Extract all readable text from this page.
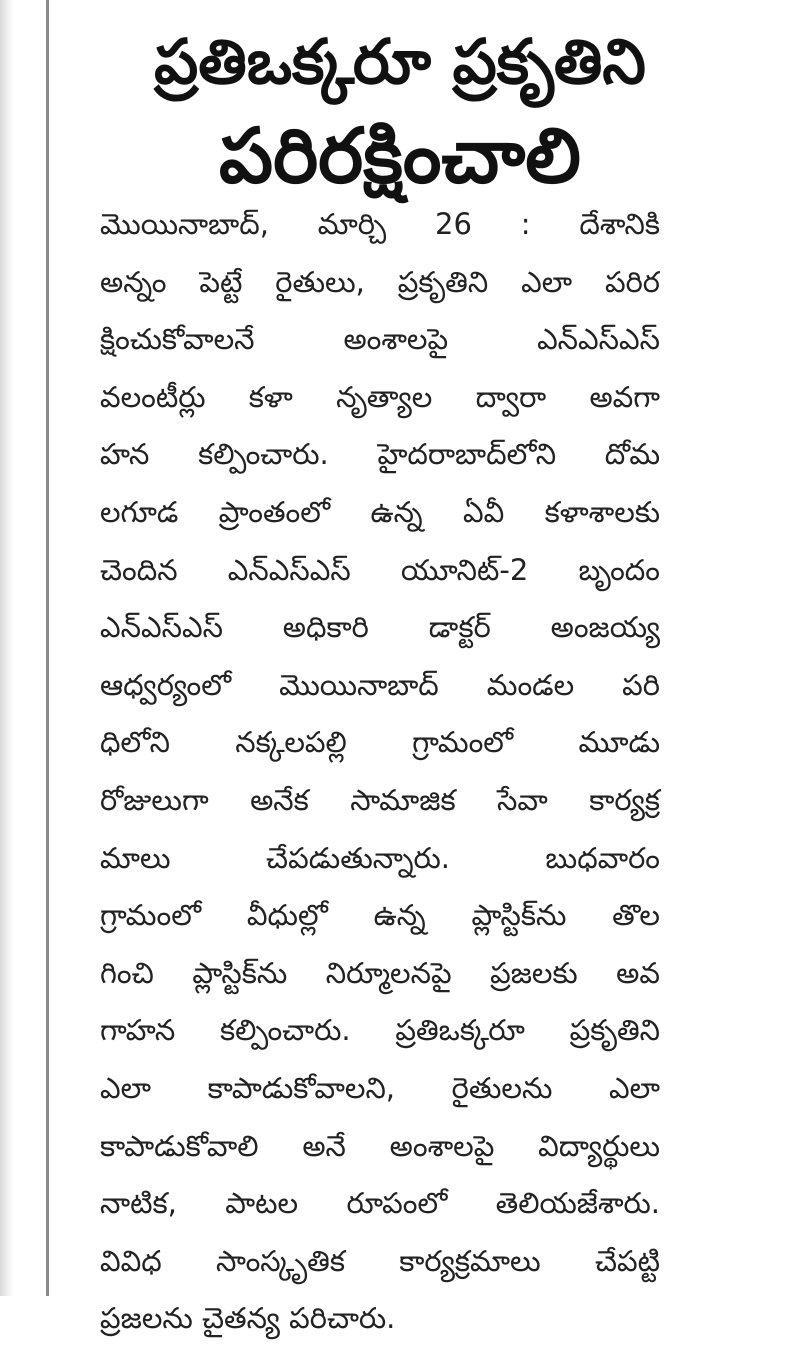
ప్రతిఒక్కరూ ప్రకృతిని
పరిరక్షించాలి
మొయినాబాద్, మార్చి 26 : దేశానికి
అన్నం పెట్టే రైతులు, ప్రకృతిని ఎలా పరిర
క్షించుకోవాలనే అంశాలపై ఎన్ఎస్ఎస్
వలంటీర్లు కళా నృత్యాల ద్వారా అవగా
హన కల్పించారు. హైదరాబాద్‌లోని దోమ
లగూడ ప్రాంతంలో ఉన్న ఏవీ కళాశాలకు
చెందిన ఎన్ఎస్ఎస్ యూనిట్-2 బృందం
ఎన్ఎస్ఎస్ అధికారి డాక్టర్ అంజయ్య
ఆధ్వర్యంలో మొయినాబాద్ మండల పరి
ధిలోని నక్కలపల్లి గ్రామంలో మూడు
రోజులుగా అనేక సామాజిక సేవా కార్యక్ర
మాలు చేపడుతున్నారు. బుధవారం
గ్రామంలో వీధుల్లో ఉన్న ప్లాస్టిక్‌ను తొల
గించి ప్లాస్టిక్‌ను నిర్మూలనపై ప్రజలకు అవ
గాహన కల్పించారు. ప్రతిఒక్కరూ ప్రకృతిని
ఎలా కాపాడుకోవాలని, రైతులను ఎలా
కాపాడుకోవాలి అనే అంశాలపై విద్యార్థులు
నాటిక, పాటల రూపంలో తెలియజేశారు.
వివిధ సాంస్కృతిక కార్యక్రమాలు చేపట్టి
ప్రజలను చైతన్య పరిచారు.
